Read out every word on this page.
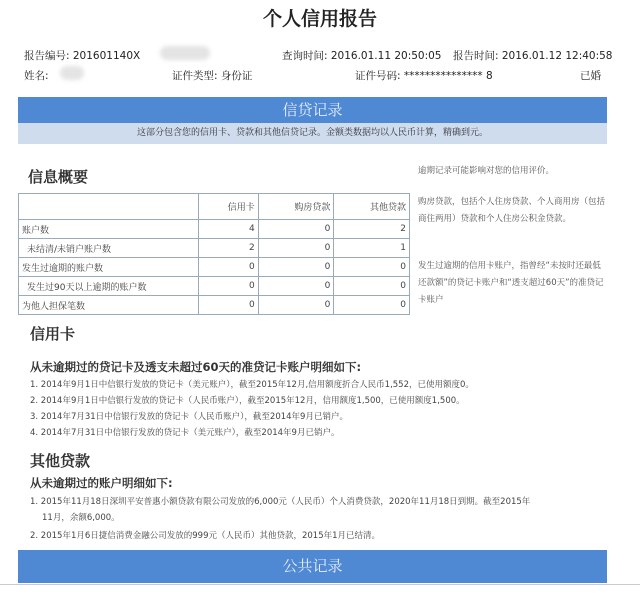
个人信用报告
报告编号: 201601140X	查询时间: 2016.01.11 20:50:05 报告时间: 2016.01.12 12:40:58
姓名:	证件类型: 身份证	证件号码: *************** 8	已婚
信贷记录
这部分包含您的信用卡、贷款和其他信贷记录。金额类数据均以人民币计算，精确到元。
信息概要
	信用卡	购房贷款	其他贷款
账户数	4	0	2
未结清/未销户账户数	2	0	1
发生过逾期的账户数	0	0	0
发生过90天以上逾期的账户数	0	0	0
为他人担保笔数	0	0	0
逾期记录可能影响对您的信用评价。
购房贷款，包括个人住房贷款、个人商用房（包括商住两用）贷款和个人住房公积金贷款。
发生过逾期的信用卡账户，指曾经“未按时还最低还款额”的贷记卡账户和“透支超过60天”的准贷记卡账户
信用卡
从未逾期过的贷记卡及透支未超过60天的准贷记卡账户明细如下:
1. 2014年9月1日中信银行发放的贷记卡（美元账户），截至2015年12月,信用额度折合人民币1,552，已使用额度0。
2. 2014年9月1日中信银行发放的贷记卡（人民币账户），截至2015年12月，信用额度1,500，已使用额度1,500。
3. 2014年7月31日中信银行发放的贷记卡（人民币账户），截至2014年9月已销户。
4. 2014年7月31日中信银行发放的贷记卡（美元账户），截至2014年9月已销户。
其他贷款
从未逾期过的账户明细如下:
1. 2015年11月18日深圳平安普惠小额贷款有限公司发放的6,000元（人民币）个人消费贷款，2020年11月18日到期。截至2015年
11月，余额6,000。
2. 2015年1月6日捷信消费金融公司发放的999元（人民币）其他贷款，2015年1月已结清。
公共记录
